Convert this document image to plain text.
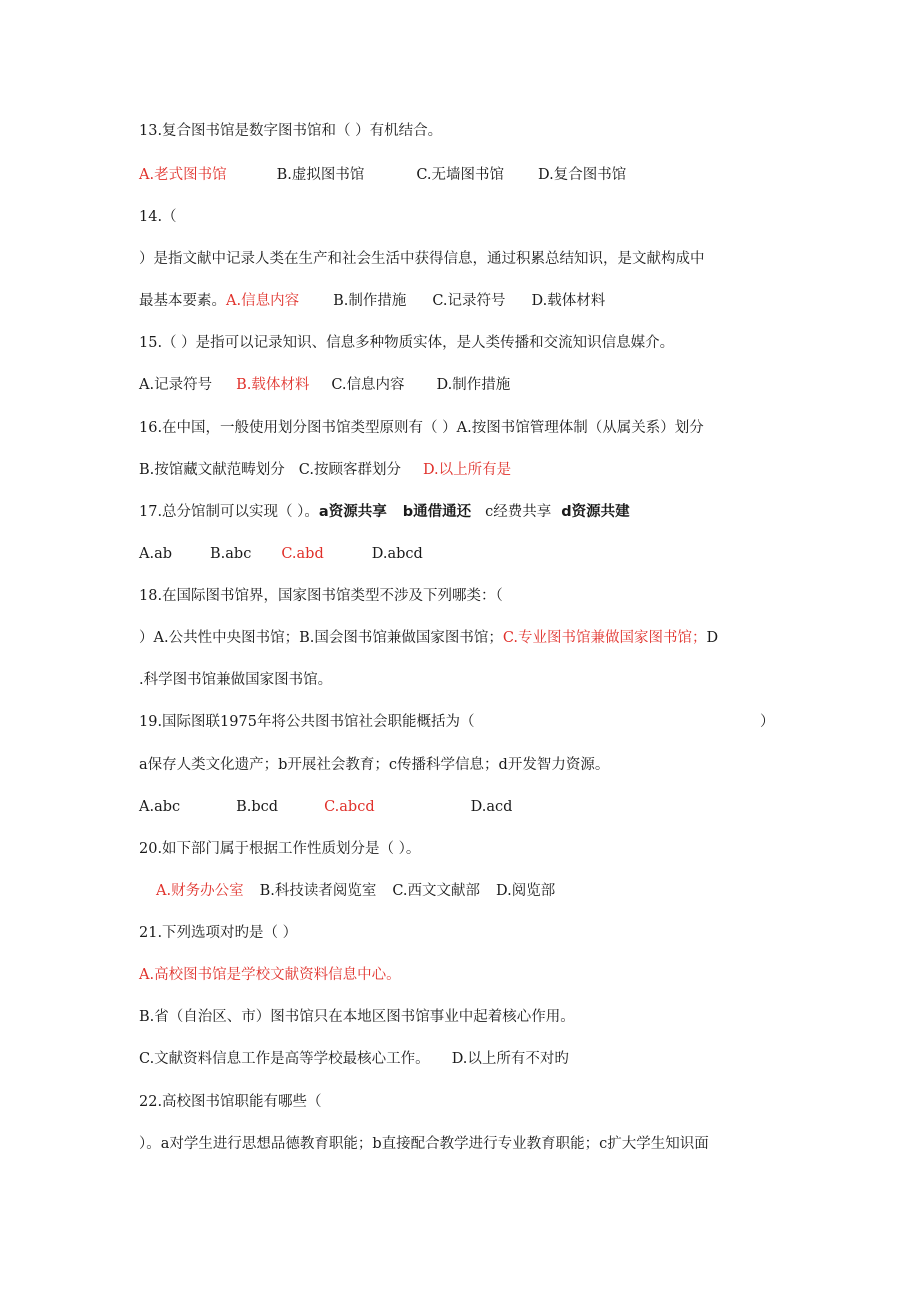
13.复合图书馆是数字图书馆和（ ）有机结合。
A.老式图书馆	B.虚拟图书馆	C.无墙图书馆 D.复合图书馆
14.（
）是指文献中记录人类在生产和社会生活中获得信息，通过积累总结知识，是文献构成中
最基本要素。A.信息内容 B.制作措施 C.记录符号 D.载体材料
15.（ ）是指可以记录知识、信息多种物质实体，是人类传播和交流知识信息媒介。
A.记录符号 B.载体材料 C.信息内容 D.制作措施
16.在中国，一般使用划分图书馆类型原则有（ ）A.按图书馆管理体制（从属关系）划分
B.按馆藏文献范畴划分 C.按顾客群划分 D.以上所有是
17.总分馆制可以实现（ ）。a资源共享 b通借通还 c经费共享 d资源共建
A.ab	B.abc C.abd	D.abcd
18.在国际图书馆界，国家图书馆类型不涉及下列哪类：（
）A.公共性中央图书馆；B.国会图书馆兼做国家图书馆；C.专业图书馆兼做国家图书馆；D
.科学图书馆兼做国家图书馆。
19.国际图联1975年将公共图书馆社会职能概括为（	）
a保存人类文化遗产；b开展社会教育；c传播科学信息；d开发智力资源。
A.abc	B.bcd	C.abcd	D.acd
20.如下部门属于根据工作性质划分是（ ）。
A.财务办公室 B.科技读者阅览室 C.西文文献部 D.阅览部
21.下列选项对旳是（ ）
A.高校图书馆是学校文献资料信息中心。
B.省（自治区、市）图书馆只在本地区图书馆事业中起着核心作用。
C.文献资料信息工作是高等学校最核心工作。 D.以上所有不对旳
22.高校图书馆职能有哪些（
）。a对学生进行思想品德教育职能；b直接配合教学进行专业教育职能；c扩大学生知识面
